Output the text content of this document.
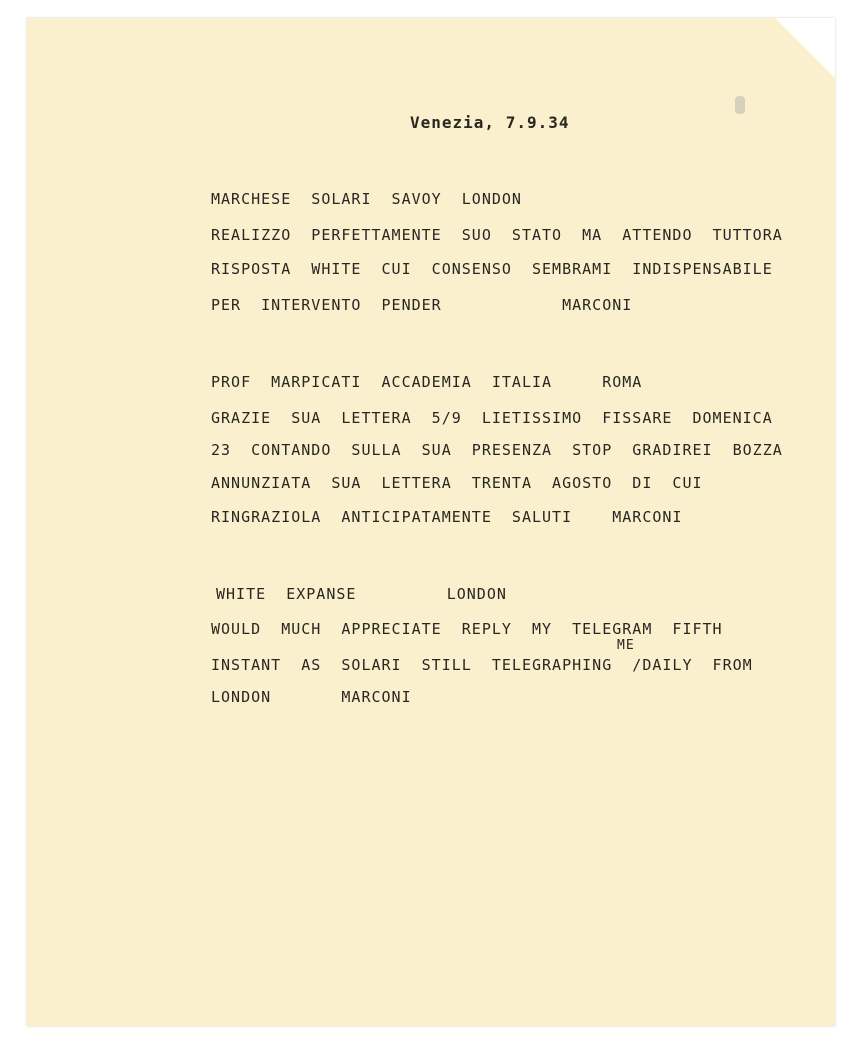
Venezia, 7.9.34

MARCHESE  SOLARI  SAVOY  LONDON

REALIZZO  PERFETTAMENTE  SUO  STATO  MA  ATTENDO  TUTTORA

RISPOSTA  WHITE  CUI  CONSENSO  SEMBRAMI  INDISPENSABILE

PER  INTERVENTO  PENDER            MARCONI

PROF  MARPICATI  ACCADEMIA  ITALIA     ROMA

GRAZIE  SUA  LETTERA  5/9  LIETISSIMO  FISSARE  DOMENICA

23  CONTANDO  SULLA  SUA  PRESENZA  STOP  GRADIREI  BOZZA

ANNUNZIATA  SUA  LETTERA  TRENTA  AGOSTO  DI  CUI

RINGRAZIOLA  ANTICIPATAMENTE  SALUTI    MARCONI

WHITE  EXPANSE         LONDON

WOULD  MUCH  APPRECIATE  REPLY  MY  TELEGRAM  FIFTH

ME

INSTANT  AS  SOLARI  STILL  TELEGRAPHING  /DAILY  FROM

LONDON       MARCONI
